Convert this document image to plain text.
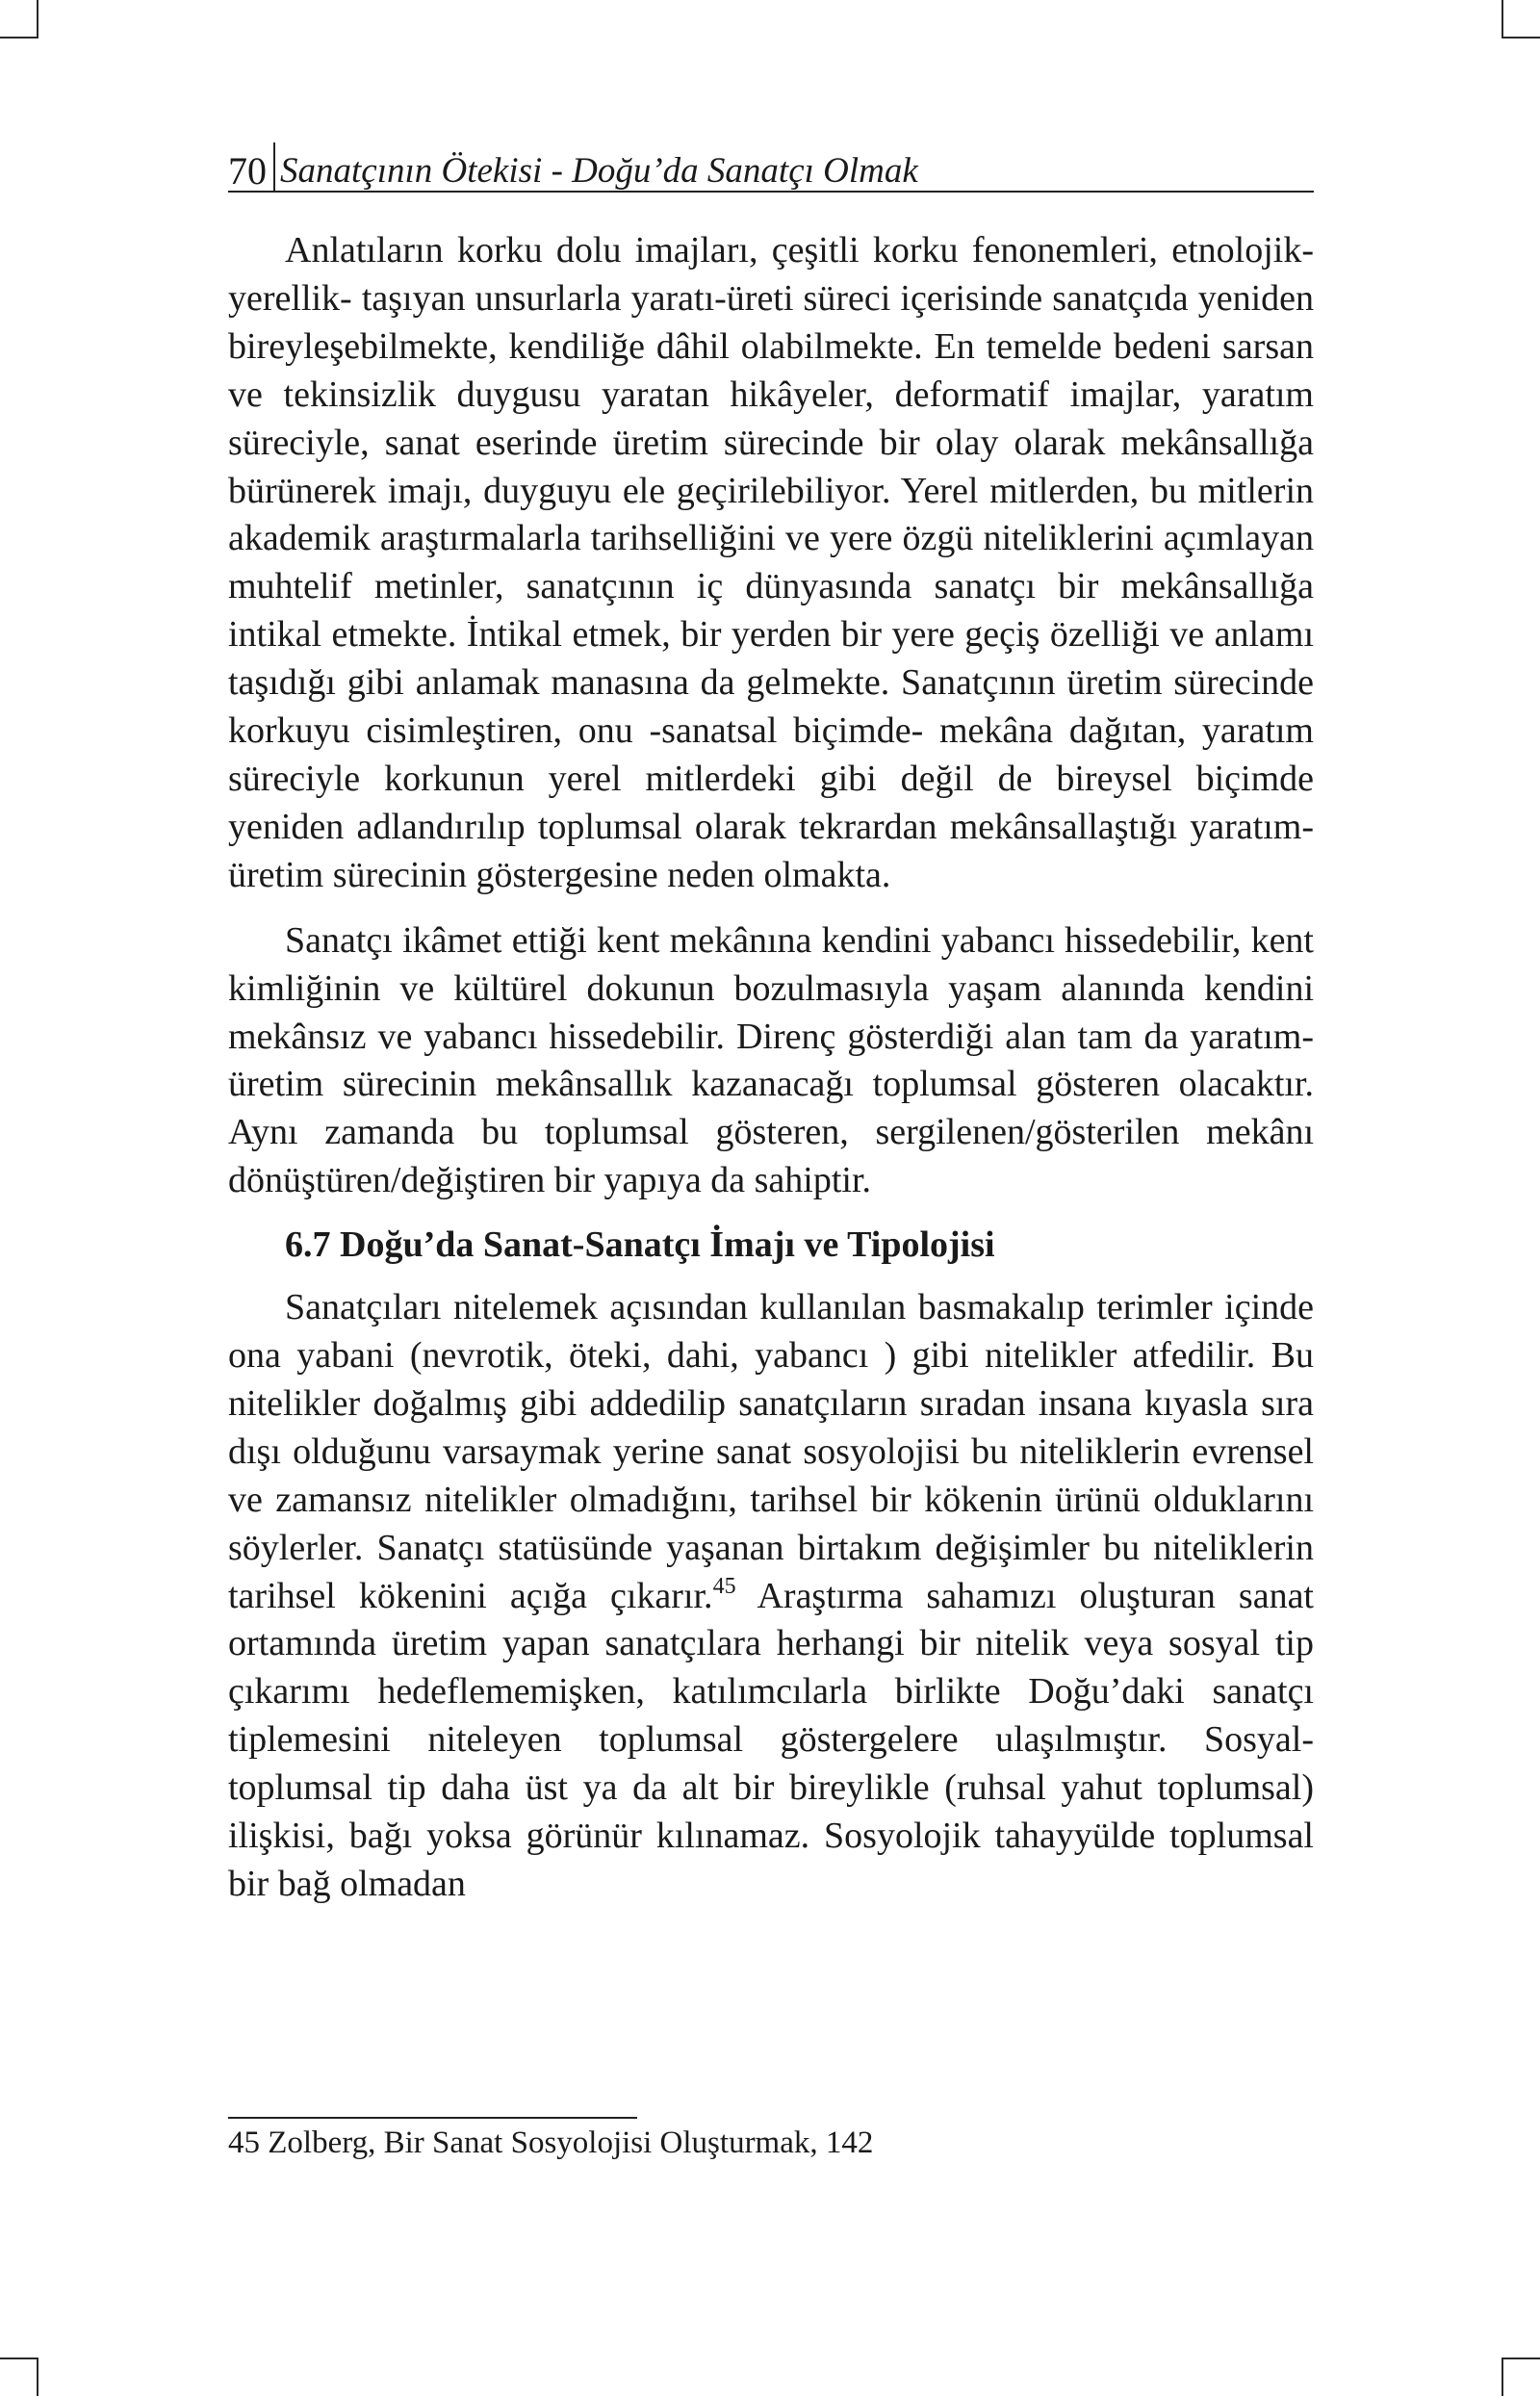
70 Sanatçının Ötekisi - Doğu’da Sanatçı Olmak

Anlatıların korku dolu imajları, çeşitli korku fenonemleri, etnolojik-yerellik- taşıyan unsurlarla yaratı-üreti süreci içerisinde sanatçıda yeniden bireyleşebilmekte, kendiliğe dâhil olabilmekte. En temelde bedeni sarsan ve tekinsizlik duygusu yaratan hikâyeler, deformatif imajlar, yaratım süreciyle, sanat eserinde üretim sürecinde bir olay olarak mekânsallığa bürünerek imajı, duyguyu ele geçirilebiliyor. Yerel mitlerden, bu mitlerin akademik araştırmalarla tarihselliğini ve yere özgü niteliklerini açımlayan muhtelif metinler, sanatçının iç dünyasında sanatçı bir mekânsallığa intikal etmekte. İntikal etmek, bir yerden bir yere geçiş özelliği ve anlamı taşıdığı gibi anlamak manasına da gelmekte. Sanatçının üretim sürecinde korkuyu cisimleştiren, onu -sanatsal biçimde- mekâna dağıtan, yaratım süreciyle korkunun yerel mitlerdeki gibi değil de bireysel biçimde yeniden adlandırılıp toplumsal olarak tekrardan mekânsallaştığı yaratım-üretim sürecinin göstergesine neden olmakta.

Sanatçı ikâmet ettiği kent mekânına kendini yabancı hissedebilir, kent kimliğinin ve kültürel dokunun bozulmasıyla yaşam alanında kendini mekânsız ve yabancı hissedebilir. Direnç gösterdiği alan tam da yaratım-üretim sürecinin mekânsallık kazanacağı toplumsal gösteren olacaktır. Aynı zamanda bu toplumsal gösteren, sergilenen/gösterilen mekânı dönüştüren/değiştiren bir yapıya da sahiptir.

6.7 Doğu’da Sanat-Sanatçı İmajı ve Tipolojisi

Sanatçıları nitelemek açısından kullanılan basmakalıp terimler içinde ona yabani (nevrotik, öteki, dahi, yabancı ) gibi nitelikler atfedilir. Bu nitelikler doğalmış gibi addedilip sanatçıların sıradan insana kıyasla sıra dışı olduğunu varsaymak yerine sanat sosyolojisi bu niteliklerin evrensel ve zamansız nitelikler olmadığını, tarihsel bir kökenin ürünü olduklarını söylerler. Sanatçı statüsünde yaşanan birtakım değişimler bu niteliklerin tarihsel kökenini açığa çıkarır.$^{45}$ Araştırma sahamızı oluşturan sanat ortamında üretim yapan sanatçılara herhangi bir nitelik veya sosyal tip çıkarımı hedeflememişken, katılımcılarla birlikte Doğu’daki sanatçı tiplemesini niteleyen toplumsal göstergelere ulaşılmıştır. Sosyal-toplumsal tip daha üst ya da alt bir bireylikle (ruhsal yahut toplumsal) ilişkisi, bağı yoksa görünür kılınamaz. Sosyolojik tahayyülde toplumsal bir bağ olmadan

45 Zolberg, Bir Sanat Sosyolojisi Oluşturmak, 142
